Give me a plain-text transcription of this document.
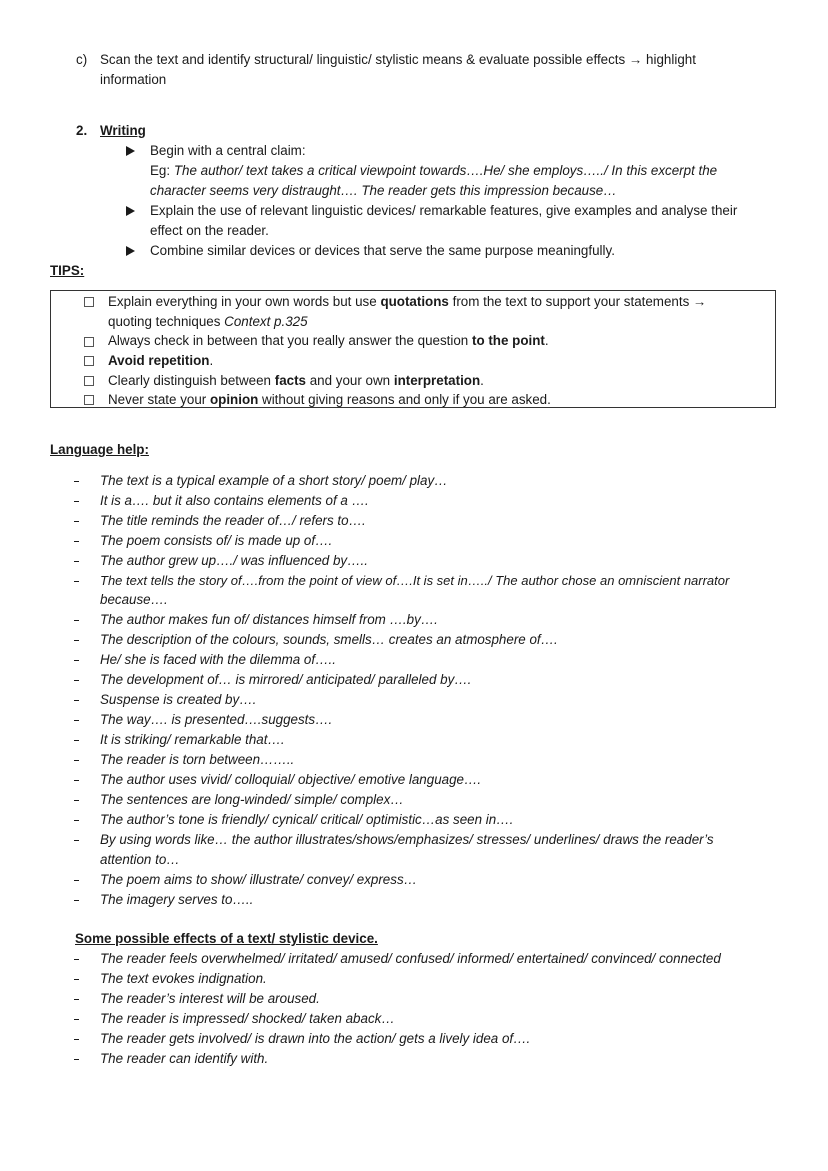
c) Scan the text and identify structural/ linguistic/ stylistic means & evaluate possible effects → highlight
information
2. Writing
Begin with a central claim:
Eg: The author/ text takes a critical viewpoint towards….He/ she employs…../ In this excerpt the
character seems very distraught…. The reader gets this impression because…
Explain the use of relevant linguistic devices/ remarkable features, give examples and analyse their
effect on the reader.
Combine similar devices or devices that serve the same purpose meaningfully.
TIPS:
Explain everything in your own words but use quotations from the text to support your statements →
quoting techniques Context p.325
Always check in between that you really answer the question to the point.
Avoid repetition.
Clearly distinguish between facts and your own interpretation.
Never state your opinion without giving reasons and only if you are asked.
Language help:
The text is a typical example of a short story/ poem/ play…
It is a…. but it also contains elements of a ….
The title reminds the reader of…/ refers to….
The poem consists of/ is made up of….
The author grew up…./ was influenced by…..
The text tells the story of….from the point of view of….It is set in…../ The author chose an omniscient narrator
because….
The author makes fun of/ distances himself from ….by….
The description of the colours, sounds, smells… creates an atmosphere of….
He/ she is faced with the dilemma of…..
The development of… is mirrored/ anticipated/ paralleled by….
Suspense is created by….
The way…. is presented….suggests….
It is striking/ remarkable that….
The reader is torn between……..
The author uses vivid/ colloquial/ objective/ emotive language….
The sentences are long-winded/ simple/ complex…
The author’s tone is friendly/ cynical/ critical/ optimistic…as seen in….
By using words like… the author illustrates/shows/emphasizes/ stresses/ underlines/ draws the reader’s
attention to…
The poem aims to show/ illustrate/ convey/ express…
The imagery serves to…..
Some possible effects of a text/ stylistic device.
The reader feels overwhelmed/ irritated/ amused/ confused/ informed/ entertained/ convinced/ connected
The text evokes indignation.
The reader’s interest will be aroused.
The reader is impressed/ shocked/ taken aback…
The reader gets involved/ is drawn into the action/ gets a lively idea of….
The reader can identify with.
